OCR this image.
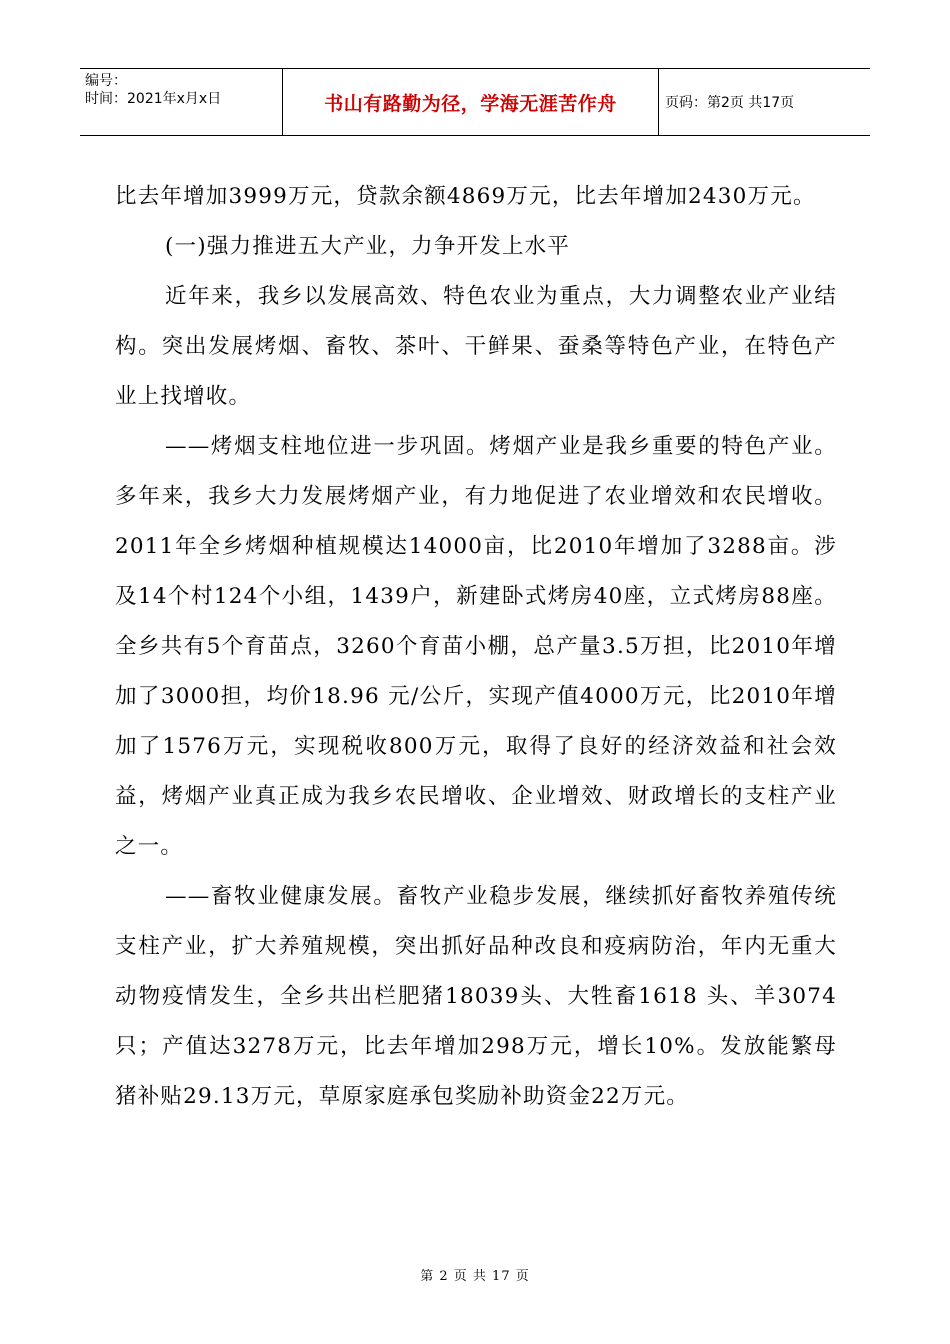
编号：
时间：2021年x月x日	书山有路勤为径，学海无涯苦作舟	页码：第2页 共17页

比去年增加3999万元，贷款余额4869万元，比去年增加2430万元。

(一)强力推进五大产业，力争开发上水平

近年来，我乡以发展高效、特色农业为重点，大力调整农业产业结构。突出发展烤烟、畜牧、茶叶、干鲜果、蚕桑等特色产业，在特色产业上找增收。

——烤烟支柱地位进一步巩固。烤烟产业是我乡重要的特色产业。多年来，我乡大力发展烤烟产业，有力地促进了农业增效和农民增收。2011年全乡烤烟种植规模达14000亩，比2010年增加了3288亩。涉及14个村124个小组，1439户，新建卧式烤房40座，立式烤房88座。全乡共有5个育苗点，3260个育苗小棚，总产量3.5万担，比2010年增加了3000担，均价18.96 元/公斤，实现产值4000万元，比2010年增加了1576万元，实现税收800万元，取得了良好的经济效益和社会效益，烤烟产业真正成为我乡农民增收、企业增效、财政增长的支柱产业之一。

——畜牧业健康发展。畜牧产业稳步发展，继续抓好畜牧养殖传统支柱产业，扩大养殖规模，突出抓好品种改良和疫病防治，年内无重大动物疫情发生，全乡共出栏肥猪18039头、大牲畜1618 头、羊3074只；产值达3278万元，比去年增加298万元，增长10%。发放能繁母猪补贴29.13万元，草原家庭承包奖励补助资金22万元。

第 2 页 共 17 页
